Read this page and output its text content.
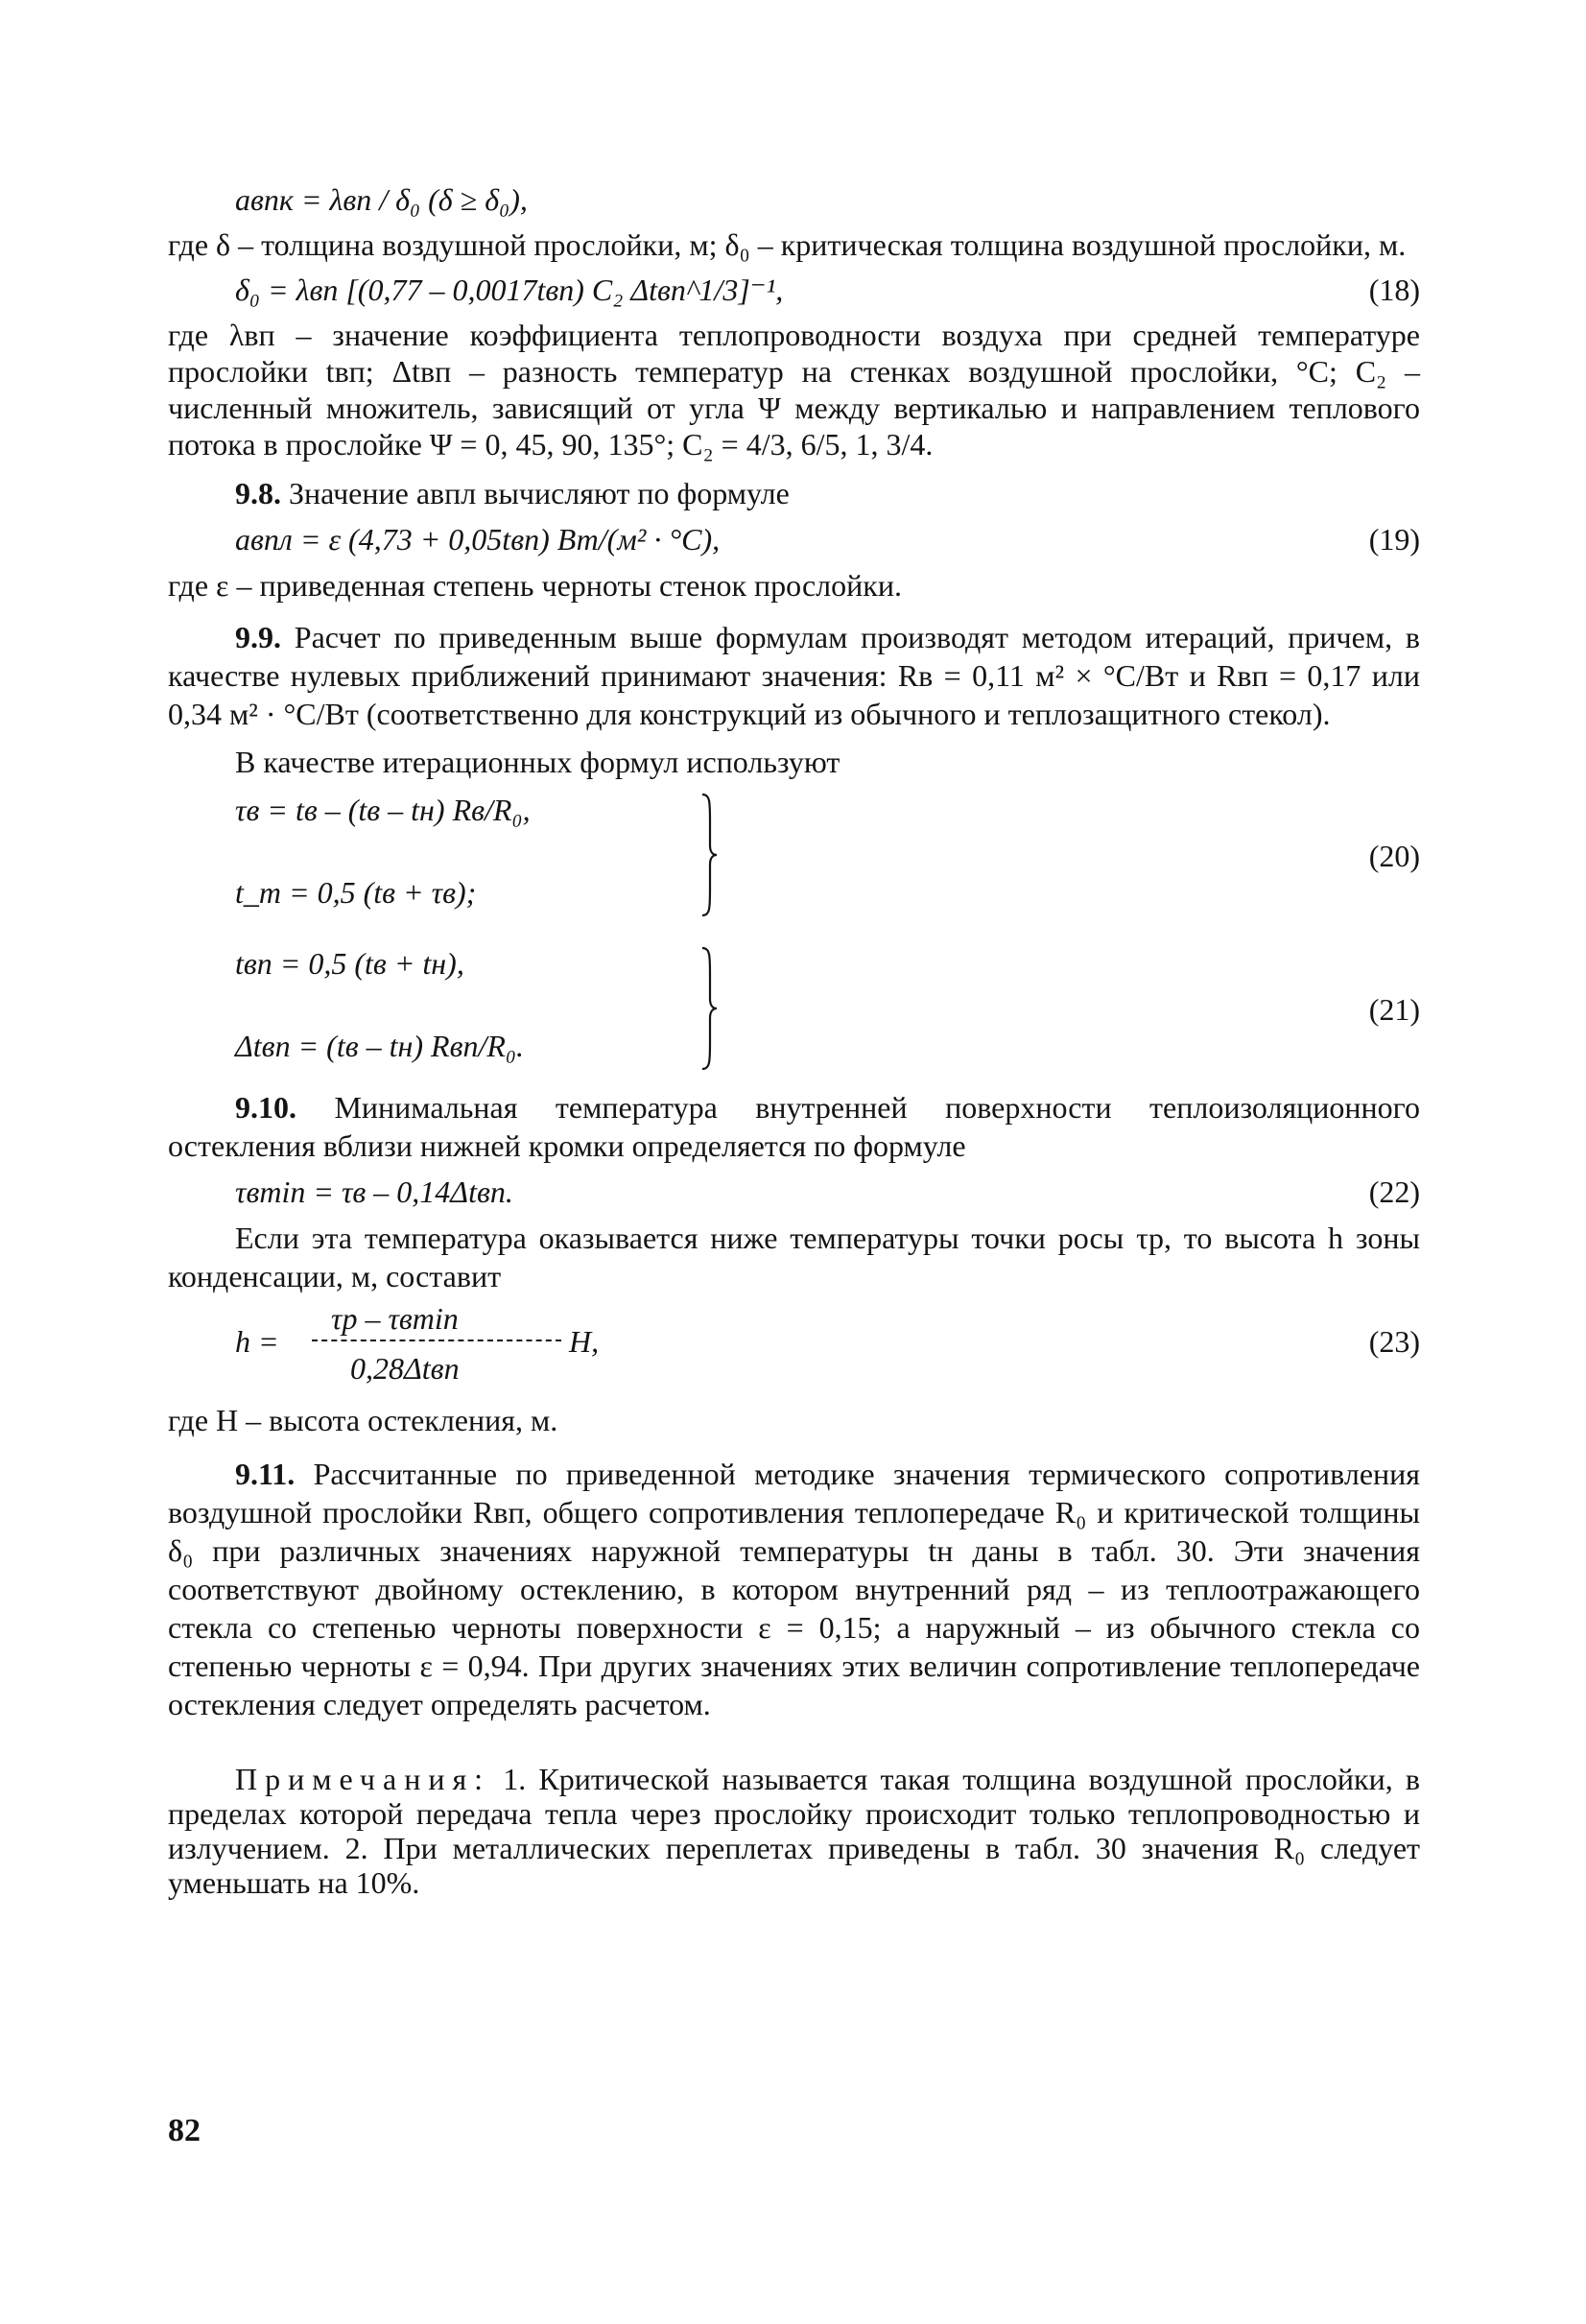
aвпк = λвп / δ₀ (δ ≥ δ₀),
где δ – толщина воздушной прослойки, м; δ₀ – критическая толщина воздушной прослойки, м.
δ₀ = λвп [(0,77 – 0,0017tвп) C₂ Δtвп^1/3]⁻¹,	(18)
где λвп – значение коэффициента теплопроводности воздуха при средней температуре прослойки tвп; Δtвп – разность температур на стенках воздушной прослойки, °C; C₂ – численный множитель, зависящий от угла Ψ между вертикалью и направлением теплового потока в прослойке Ψ = 0, 45, 90, 135°; C₂ = 4/3, 6/5, 1, 3/4.
9.8. Значение aвпл вычисляют по формуле
aвпл = ε (4,73 + 0,05tвп) Вт/(м² · °C),	(19)
где ε – приведенная степень черноты стенок прослойки.
9.9. Расчет по приведенным выше формулам производят методом итераций, причем, в качестве нулевых приближений принимают значения: Rв = 0,11 м² × °C/Вт и Rвп = 0,17 или 0,34 м² · °C/Вт (соответственно для конструкций из обычного и теплозащитного стекол).
В качестве итерационных формул используют
τв = tв – (tв – tн) Rв/R₀,
t_m = 0,5 (tв + τв);
(20)
tвп = 0,5 (tв + tн),
Δtвп = (tв – tн) Rвп/R₀.
(21)
9.10. Минимальная температура внутренней поверхности теплоизоляционного остекления вблизи нижней кромки определяется по формуле
τвmin = τв – 0,14Δtвп.	(22)
Если эта температура оказывается ниже температуры точки росы τр, то высота h зоны конденсации, м, составит
h =
τр – τвmin
0,28Δtвп
H,	(23)
где H – высота остекления, м.
9.11. Рассчитанные по приведенной методике значения термического сопротивления воздушной прослойки Rвп, общего сопротивления теплопередаче R₀ и критической толщины δ₀ при различных значениях наружной температуры tн даны в табл. 30. Эти значения соответствуют двойному остеклению, в котором внутренний ряд – из теплоотражающего стекла со степенью черноты поверхности ε = 0,15; а наружный – из обычного стекла со степенью черноты ε = 0,94. При других значениях этих величин сопротивление теплопередаче остекления следует определять расчетом.
Примечания: 1. Критической называется такая толщина воздушной прослойки, в пределах которой передача тепла через прослойку происходит только теплопроводностью и излучением. 2. При металлических переплетах приведены в табл. 30 значения R₀ следует уменьшать на 10%.
82
